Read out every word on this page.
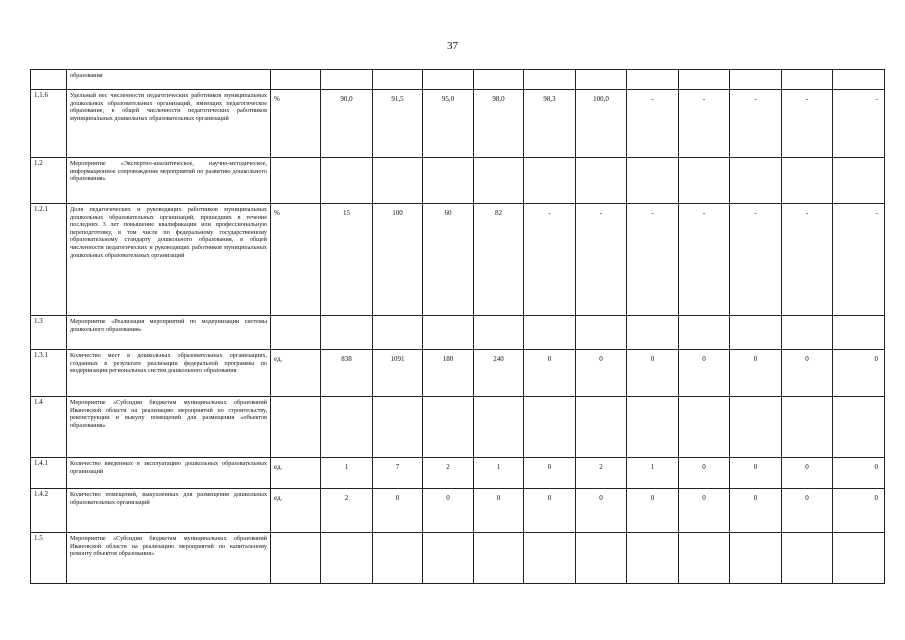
37
	образования												
1.1.6	Удельный вес численности педагогических работников муниципальных дошкольных образовательных организаций, имеющих педагогическое образование, в общей численности педагогических работников муниципальных дошкольных образовательных организаций	%	90,0	91,5	95,0	98,0	98,3	100,0	-	-	-	-	-
1.2	Мероприятие «Экспертно-аналитическое, научно-методическое, информационное сопровождение мероприятий по развитию дошкольного образования»												
1.2.1	Доля педагогических и руководящих работников муниципальных дошкольных образовательных организаций, прошедших в течение последних 3 лет повышение квалификации или профессиональную переподготовку, в том числе по федеральному государственному образовательному стандарту дошкольного образования, в общей численности педагогических и руководящих работников муниципальных дошкольных образовательных организаций	%	15	100	60	82	-	-	-	-	-	-	-
1.3	Мероприятие «Реализация мероприятий по модернизации системы дошкольного образования»												
1.3.1	Количество мест в дошкольных образовательных организациях, созданных в результате реализации федеральной программы по модернизации региональных систем дошкольного образования	ед.	838	1091	180	240	0	0	0	0	0	0	0
1.4	Мероприятие «Субсидии бюджетам муниципальных образований Ивановской области на реализацию мероприятий по строительству, реконструкции и выкупу помещений для размещения «объектов образования»												
1.4.1	Количество введенных в эксплуатацию дошкольных образовательных организаций	ед.	1	7	2	1	0	2	1	0	0	0	0
1.4.2	Количество помещений, выкупленных для размещения дошкольных образовательных организаций	ед.	2	0	0	0	0	0	0	0	0	0	0
1.5	Мероприятие «Субсидии бюджетам муниципальных образований Ивановской области на реализацию мероприятий по капитальному ремонту объектов образования»												
